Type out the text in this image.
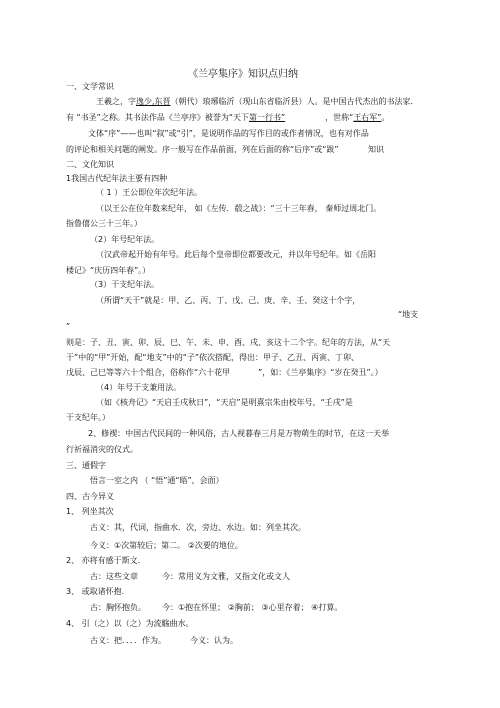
《兰亭集序》知识点归纳
一、文学常识
王羲之，字逸少,东晋（朝代）琅琊临沂（现山东省临沂县）人。是中国古代杰出的书法家.
有 “书圣”之称。其书法作品《兰亭序》被誉为“天下第一行书”	，世称“王右军”。
文体“序”——也叫“叙”或“引”，是说明作品的写作目的或作者情况，也有对作品
的评论和相关问题的阐发。序一般写在作品前面，列在后面的称“后序”或“跋”	知识
二、文化知识
1我国古代纪年法主要有四种
（ 1 ）王公即位年次纪年法。
（以王公在位年数来纪年， 如《左传．殽之战》：“三十三年春， 秦师过周北门。
指鲁僖公三十三年。）
（2）年号纪年法。
（汉武帝起开始有年号。此后每个皇帝即位都要改元，并以年号纪年。如《岳阳
楼记》“庆历四年春”。）
（3）干支纪年法。
（所谓“天干”就是：甲、乙、丙、丁、戊、己、庚、辛、壬、癸这十个字，
“地支
”
则是：子、丑、寅、卯、辰、巳、午、未、申、酉、戌、亥这十二个字。纪年的方法，从“天
干”中的“甲”开始，配“地支”中的“子”依次搭配，得出：甲子、乙丑、丙寅、丁卯、
戊辰、己巳等等六十个组合，俗称作“六十花甲	”，如：《兰亭集序》“岁在癸丑”。）
（4）年号干支兼用法。
（如《核舟记》“天启壬戌秋日”，“天启”是明熹宗朱由校年号，“壬戌”是
干支纪年。）
2、修禊：中国古代民间的一种风俗，古人视暮春三月是万物萌生的时节，在这一天举
行祈福消灾的仪式。
三、通假字
悟言一室之内 （ “悟”通“晤”，会面）
四、古今异义
1、 列坐其次
古义：其，代词，指曲水．次，旁边、水边。如：列坐其次。
今义：①次第较后；第二。 ②次要的地位。
2、 亦将有感于斯文.
古：这些文章	今：常用义为文雅，又指文化或文人
3、 或取诸怀抱.
古：胸怀抱负。 今：①抱在怀里； ②胸前； ③心里存着； ④打算。
4、 引（之）以（之）为流觞曲水。
古义：把．．．．作为。	今义：认为。
